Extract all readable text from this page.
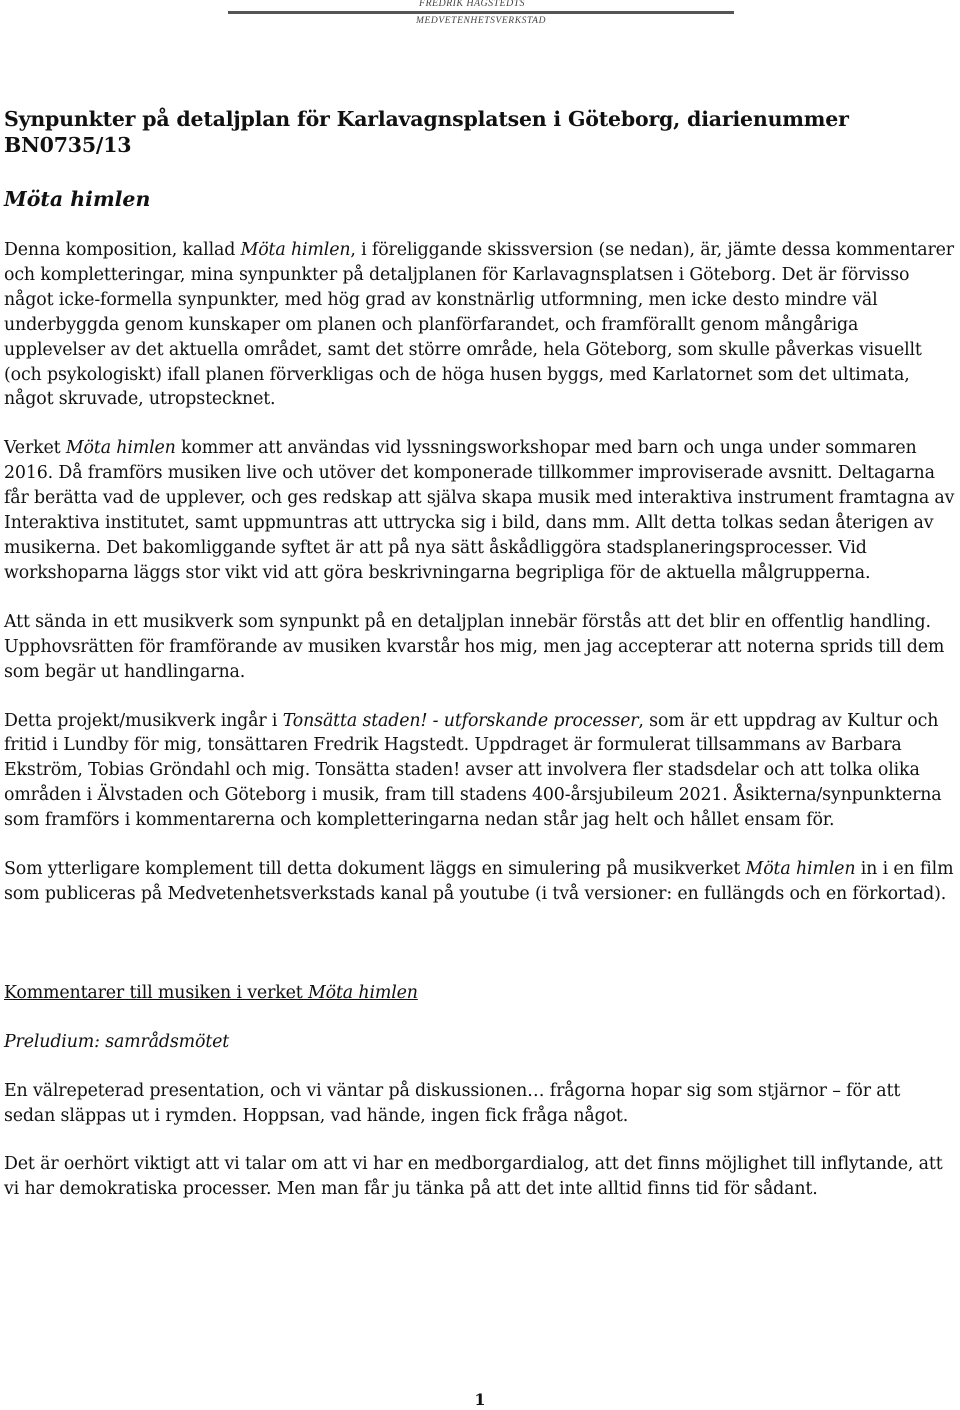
FREDRIK HAGSTEDTS
MEDVETENHETSVERKSTAD
Synpunkter på detaljplan för Karlavagnsplatsen i Göteborg, diarienummer BN0735/13
Möta himlen

Denna komposition, kallad Möta himlen, i föreliggande skissversion (se nedan), är, jämte dessa kommentarer och kompletteringar, mina synpunkter på detaljplanen för Karlavagnsplatsen i Göteborg. Det är förvisso något icke-formella synpunkter, med hög grad av konstnärlig utformning, men icke desto mindre väl underbyggda genom kunskaper om planen och planförfarandet, och framförallt genom mångåriga upplevelser av det aktuella området, samt det större område, hela Göteborg, som skulle påverkas visuellt (och psykologiskt) ifall planen förverkligas och de höga husen byggs, med Karlatornet som det ultimata, något skruvade, utropstecknet.

Verket Möta himlen kommer att användas vid lyssningsworkshopar med barn och unga under sommaren 2016. Då framförs musiken live och utöver det komponerade tillkommer improviserade avsnitt. Deltagarna får berätta vad de upplever, och ges redskap att själva skapa musik med interaktiva instrument framtagna av Interaktiva institutet, samt uppmuntras att uttrycka sig i bild, dans mm. Allt detta tolkas sedan återigen av musikerna. Det bakomliggande syftet är att på nya sätt åskådliggöra stadsplaneringsprocesser. Vid workshoparna läggs stor vikt vid att göra beskrivningarna begripliga för de aktuella målgrupperna.

Att sända in ett musikverk som synpunkt på en detaljplan innebär förstås att det blir en offentlig handling. Upphovsrätten för framförande av musiken kvarstår hos mig, men jag accepterar att noterna sprids till dem som begär ut handlingarna.

Detta projekt/musikverk ingår i Tonsätta staden! - utforskande processer, som är ett uppdrag av Kultur och fritid i Lundby för mig, tonsättaren Fredrik Hagstedt. Uppdraget är formulerat tillsammans av Barbara Ekström, Tobias Gröndahl och mig. Tonsätta staden! avser att involvera fler stadsdelar och att tolka olika områden i Älvstaden och Göteborg i musik, fram till stadens 400-årsjubileum 2021. Åsikterna/synpunkterna som framförs i kommentarerna och kompletteringarna nedan står jag helt och hållet ensam för.

Som ytterligare komplement till detta dokument läggs en simulering på musikverket Möta himlen in i en film som publiceras på Medvetenhetsverkstads kanal på youtube (i två versioner: en fullängds och en förkortad).

Kommentarer till musiken i verket Möta himlen

Preludium: samrådsmötet

En välrepeterad presentation, och vi väntar på diskussionen… frågorna hopar sig som stjärnor – för att sedan släppas ut i rymden. Hoppsan, vad hände, ingen fick fråga något.

Det är oerhört viktigt att vi talar om att vi har en medborgardialog, att det finns möjlighet till inflytande, att vi har demokratiska processer. Men man får ju tänka på att det inte alltid finns tid för sådant.

1
